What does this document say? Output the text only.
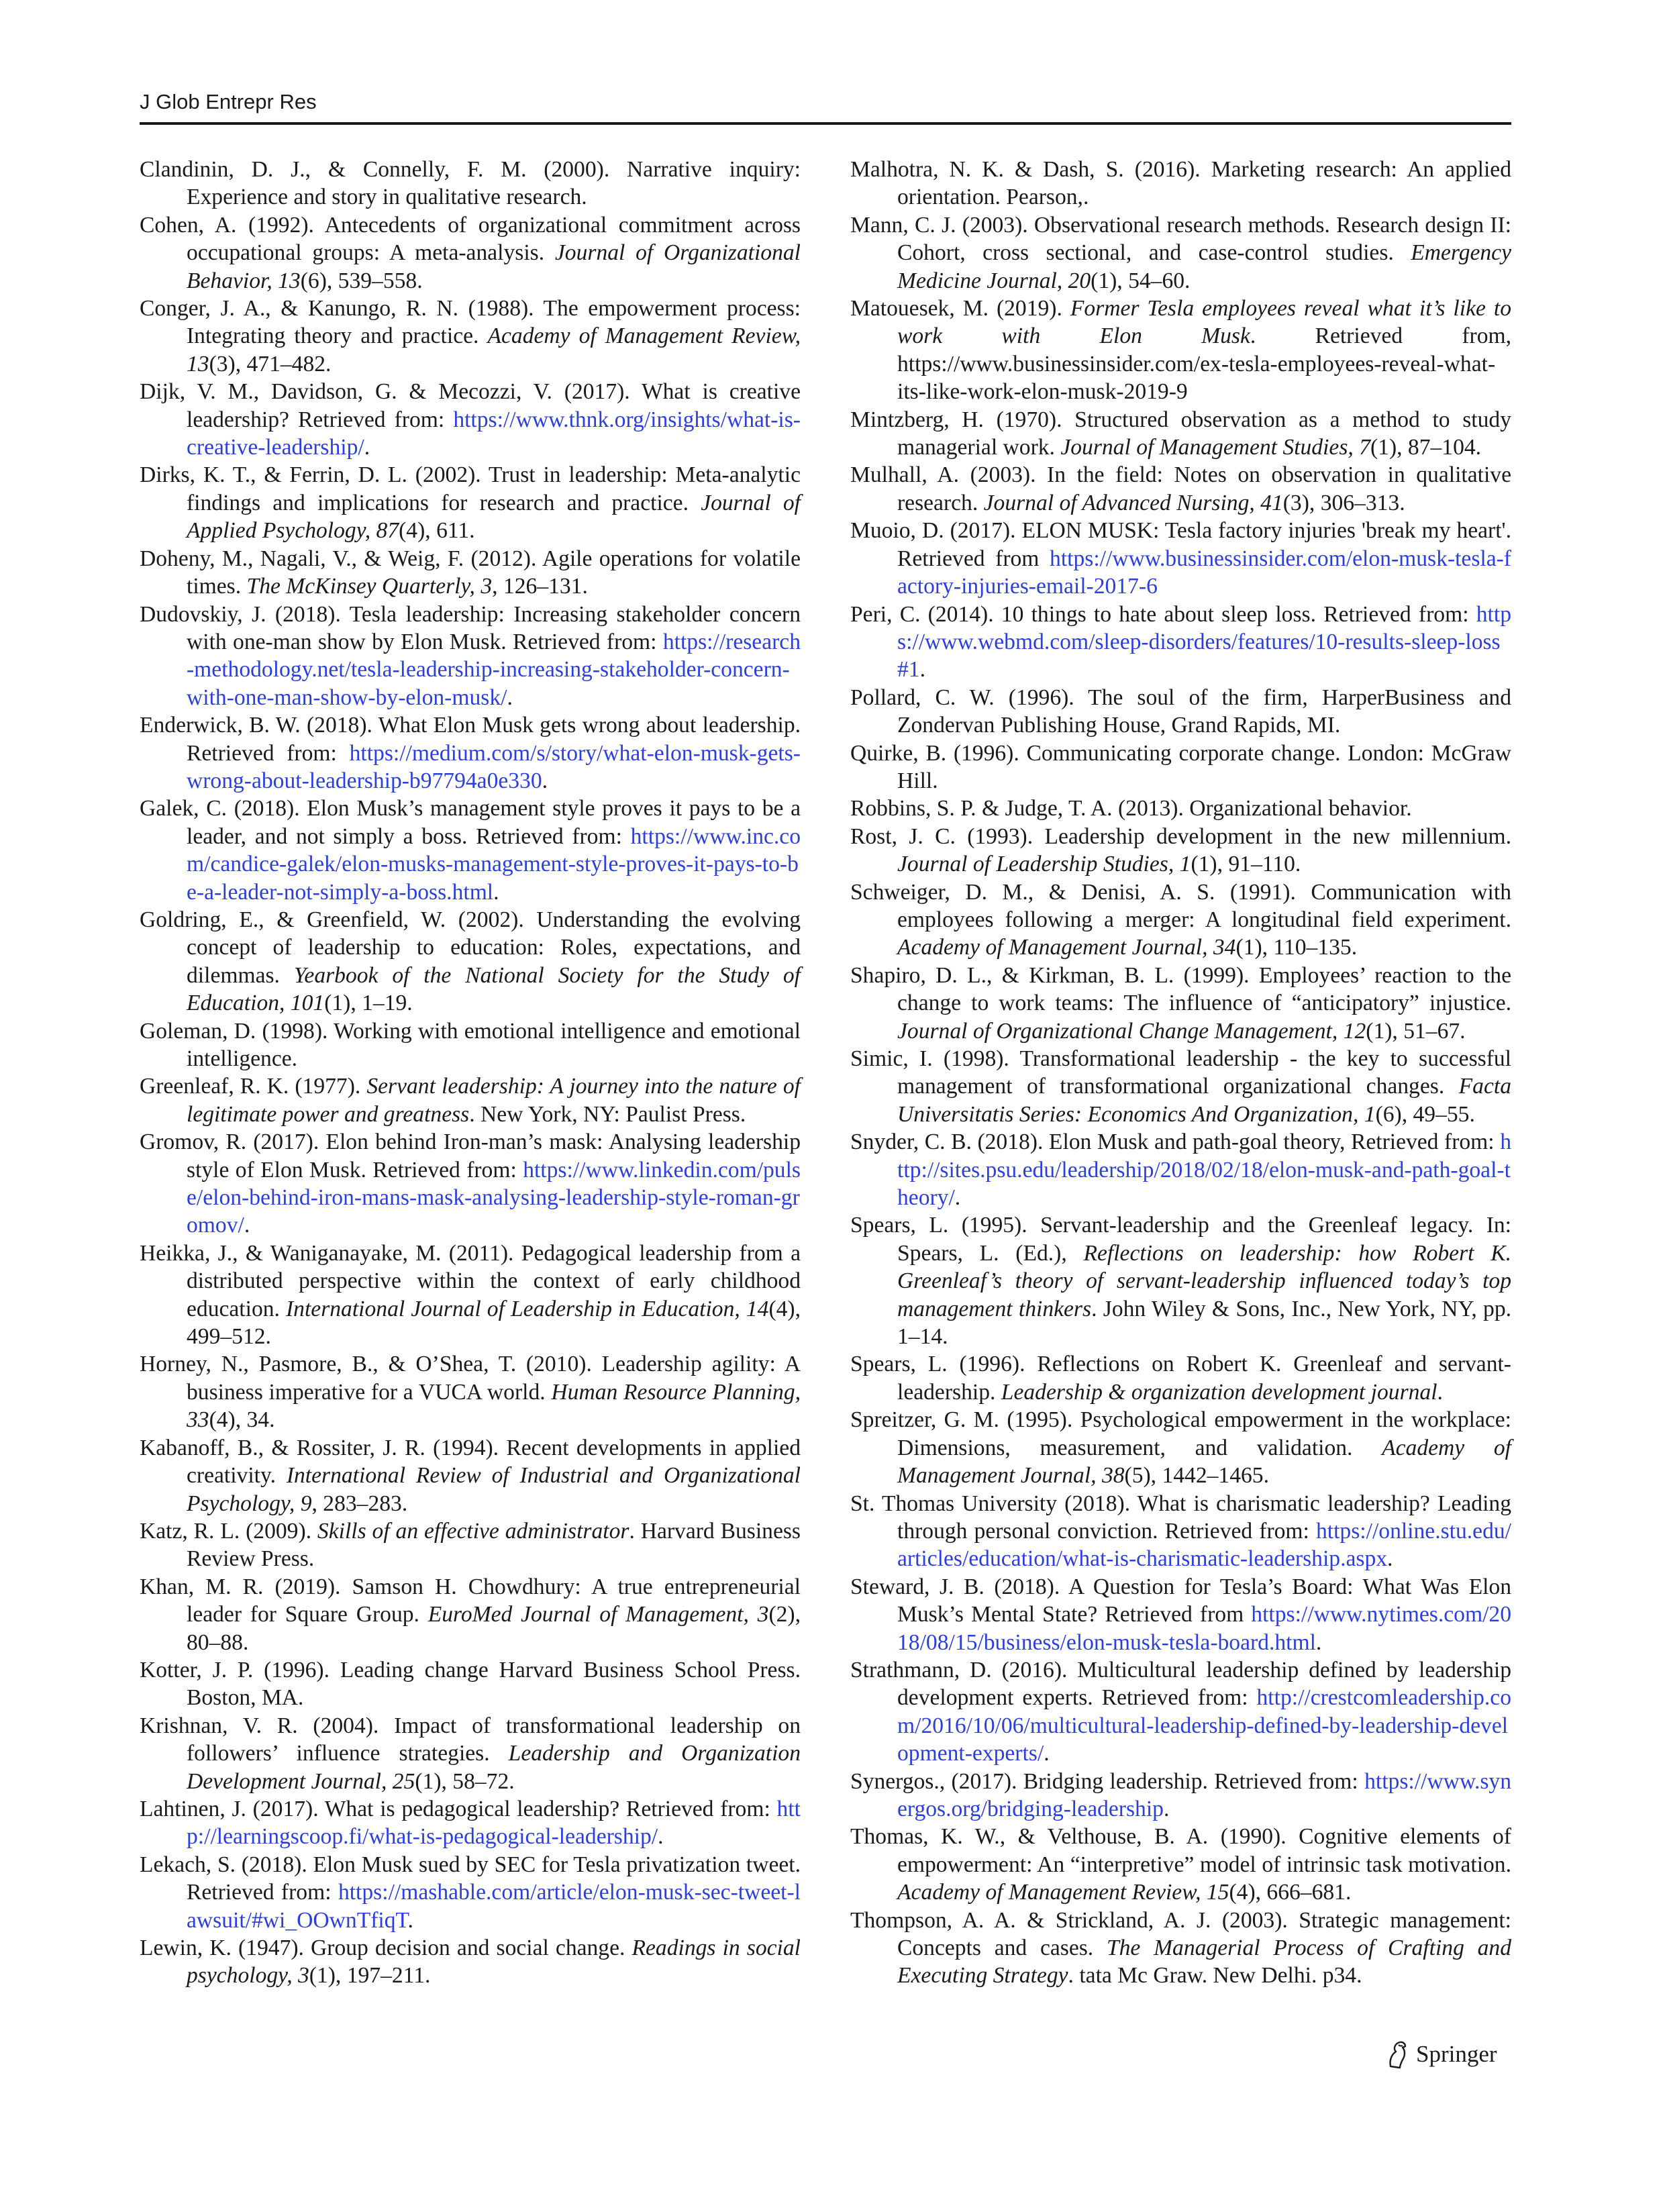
J Glob Entrepr Res

Clandinin, D. J., & Connelly, F. M. (2000). Narrative inquiry: Experience and story in qualitative research.

Cohen, A. (1992). Antecedents of organizational commitment across occupational groups: A meta-analysis. Journal of Organizational Behavior, 13(6), 539–558.

Conger, J. A., & Kanungo, R. N. (1988). The empowerment process: Integrating theory and practice. Academy of Management Review, 13(3), 471–482.

Dijk, V. M., Davidson, G. & Mecozzi, V. (2017). What is creative leadership? Retrieved from: https://www.thnk.org/insights/what-is-creative-leadership/.

Dirks, K. T., & Ferrin, D. L. (2002). Trust in leadership: Meta-analytic findings and implications for research and practice. Journal of Applied Psychology, 87(4), 611.

Doheny, M., Nagali, V., & Weig, F. (2012). Agile operations for volatile times. The McKinsey Quarterly, 3, 126–131.

Dudovskiy, J. (2018). Tesla leadership: Increasing stakeholder concern with one-man show by Elon Musk. Retrieved from: https://research-methodology.net/tesla-leadership-increasing-stakeholder-concern-with-one-man-show-by-elon-musk/.

Enderwick, B. W. (2018). What Elon Musk gets wrong about leadership. Retrieved from: https://medium.com/s/story/what-elon-musk-gets-wrong-about-leadership-b97794a0e330.

Galek, C. (2018). Elon Musk’s management style proves it pays to be a leader, and not simply a boss. Retrieved from: https://www.inc.com/candice-galek/elon-musks-management-style-proves-it-pays-to-be-a-leader-not-simply-a-boss.html.

Goldring, E., & Greenfield, W. (2002). Understanding the evolving concept of leadership to education: Roles, expectations, and dilemmas. Yearbook of the National Society for the Study of Education, 101(1), 1–19.

Goleman, D. (1998). Working with emotional intelligence and emotional intelligence.

Greenleaf, R. K. (1977). Servant leadership: A journey into the nature of legitimate power and greatness. New York, NY: Paulist Press.

Gromov, R. (2017). Elon behind Iron-man’s mask: Analysing leadership style of Elon Musk. Retrieved from: https://www.linkedin.com/pulse/elon-behind-iron-mans-mask-analysing-leadership-style-roman-gromov/.

Heikka, J., & Waniganayake, M. (2011). Pedagogical leadership from a distributed perspective within the context of early childhood education. International Journal of Leadership in Education, 14(4), 499–512.

Horney, N., Pasmore, B., & O’Shea, T. (2010). Leadership agility: A business imperative for a VUCA world. Human Resource Planning, 33(4), 34.

Kabanoff, B., & Rossiter, J. R. (1994). Recent developments in applied creativity. International Review of Industrial and Organizational Psychology, 9, 283–283.

Katz, R. L. (2009). Skills of an effective administrator. Harvard Business Review Press.

Khan, M. R. (2019). Samson H. Chowdhury: A true entrepreneurial leader for Square Group. EuroMed Journal of Management, 3(2), 80–88.

Kotter, J. P. (1996). Leading change Harvard Business School Press. Boston, MA.

Krishnan, V. R. (2004). Impact of transformational leadership on followers’ influence strategies. Leadership and Organization Development Journal, 25(1), 58–72.

Lahtinen, J. (2017). What is pedagogical leadership? Retrieved from: http://learningscoop.fi/what-is-pedagogical-leadership/.

Lekach, S. (2018). Elon Musk sued by SEC for Tesla privatization tweet. Retrieved from: https://mashable.com/article/elon-musk-sec-tweet-lawsuit/#wi_OOwnTfiqT.

Lewin, K. (1947). Group decision and social change. Readings in social psychology, 3(1), 197–211.

Malhotra, N. K. & Dash, S. (2016). Marketing research: An applied orientation. Pearson,.

Mann, C. J. (2003). Observational research methods. Research design II: Cohort, cross sectional, and case-control studies. Emergency Medicine Journal, 20(1), 54–60.

Matouesek, M. (2019). Former Tesla employees reveal what it’s like to work with Elon Musk. Retrieved from, https://www.businessinsider.com/ex-tesla-employees-reveal-what-its-like-work-elon-musk-2019-9

Mintzberg, H. (1970). Structured observation as a method to study managerial work. Journal of Management Studies, 7(1), 87–104.

Mulhall, A. (2003). In the field: Notes on observation in qualitative research. Journal of Advanced Nursing, 41(3), 306–313.

Muoio, D. (2017). ELON MUSK: Tesla factory injuries 'break my heart'. Retrieved from https://www.businessinsider.com/elon-musk-tesla-factory-injuries-email-2017-6

Peri, C. (2014). 10 things to hate about sleep loss. Retrieved from: https://www.webmd.com/sleep-disorders/features/10-results-sleep-loss#1.

Pollard, C. W. (1996). The soul of the firm, HarperBusiness and Zondervan Publishing House, Grand Rapids, MI.

Quirke, B. (1996). Communicating corporate change. London: McGraw Hill.

Robbins, S. P. & Judge, T. A. (2013). Organizational behavior.

Rost, J. C. (1993). Leadership development in the new millennium. Journal of Leadership Studies, 1(1), 91–110.

Schweiger, D. M., & Denisi, A. S. (1991). Communication with employees following a merger: A longitudinal field experiment. Academy of Management Journal, 34(1), 110–135.

Shapiro, D. L., & Kirkman, B. L. (1999). Employees’ reaction to the change to work teams: The influence of “anticipatory” injustice. Journal of Organizational Change Management, 12(1), 51–67.

Simic, I. (1998). Transformational leadership - the key to successful management of transformational organizational changes. Facta Universitatis Series: Economics And Organization, 1(6), 49–55.

Snyder, C. B. (2018). Elon Musk and path-goal theory, Retrieved from: http://sites.psu.edu/leadership/2018/02/18/elon-musk-and-path-goal-theory/.

Spears, L. (1995). Servant-leadership and the Greenleaf legacy. In: Spears, L. (Ed.), Reflections on leadership: how Robert K. Greenleaf’s theory of servant-leadership influenced today’s top management thinkers. John Wiley & Sons, Inc., New York, NY, pp. 1–14.

Spears, L. (1996). Reflections on Robert K. Greenleaf and servant-leadership. Leadership & organization development journal.

Spreitzer, G. M. (1995). Psychological empowerment in the workplace: Dimensions, measurement, and validation. Academy of Management Journal, 38(5), 1442–1465.

St. Thomas University (2018). What is charismatic leadership? Leading through personal conviction. Retrieved from: https://online.stu.edu/articles/education/what-is-charismatic-leadership.aspx.

Steward, J. B. (2018). A Question for Tesla’s Board: What Was Elon Musk’s Mental State? Retrieved from https://www.nytimes.com/2018/08/15/business/elon-musk-tesla-board.html.

Strathmann, D. (2016). Multicultural leadership defined by leadership development experts. Retrieved from: http://crestcomleadership.com/2016/10/06/multicultural-leadership-defined-by-leadership-development-experts/.

Synergos., (2017). Bridging leadership. Retrieved from: https://www.synergos.org/bridging-leadership.

Thomas, K. W., & Velthouse, B. A. (1990). Cognitive elements of empowerment: An “interpretive” model of intrinsic task motivation. Academy of Management Review, 15(4), 666–681.

Thompson, A. A. & Strickland, A. J. (2003). Strategic management: Concepts and cases. The Managerial Process of Crafting and Executing Strategy. tata Mc Graw. New Delhi. p34.

Springer
